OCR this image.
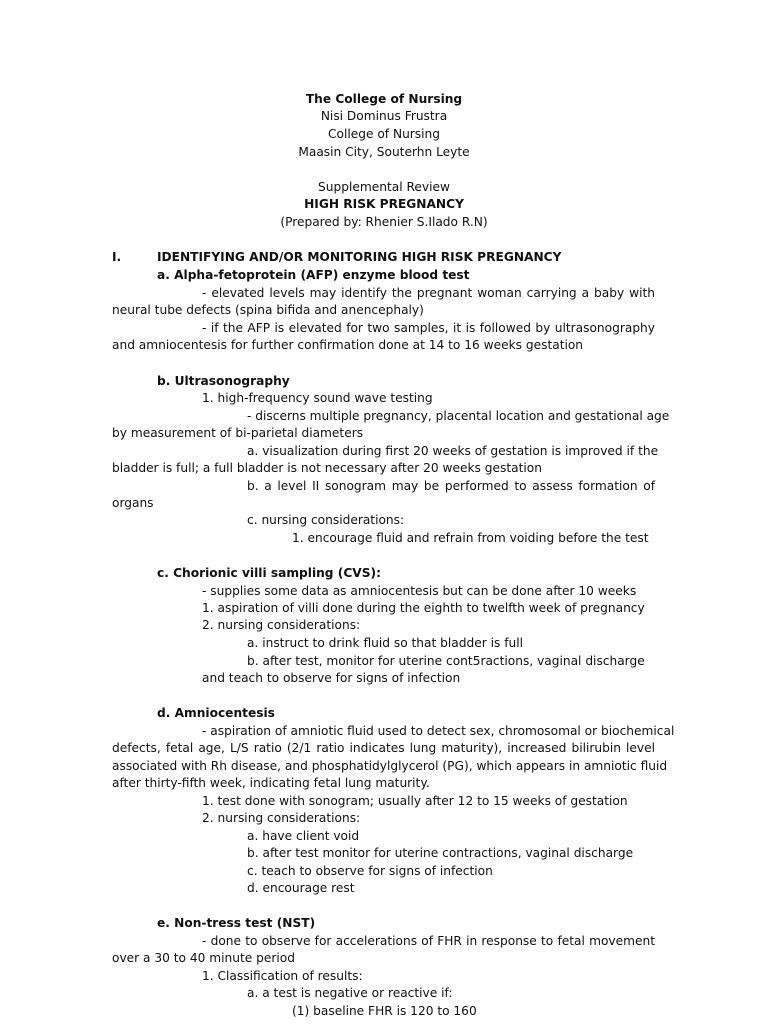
The College of Nursing
Nisi Dominus Frustra
College of Nursing
Maasin City, Souterhn Leyte
Supplemental Review
HIGH RISK PREGNANCY
(Prepared by: Rhenier S.Ilado R.N)
I.	IDENTIFYING AND/OR MONITORING HIGH RISK PREGNANCY
a. Alpha-fetoprotein (AFP) enzyme blood test
- elevated levels may identify the pregnant woman carrying a baby with
neural tube defects (spina bifida and anencephaly)
- if the AFP is elevated for two samples, it is followed by ultrasonography
and amniocentesis for further confirmation done at 14 to 16 weeks gestation
b. Ultrasonography
1. high-frequency sound wave testing
- discerns multiple pregnancy, placental location and gestational age
by measurement of bi-parietal diameters
a. visualization during first 20 weeks of gestation is improved if the
bladder is full; a full bladder is not necessary after 20 weeks gestation
b. a level II sonogram may be performed to assess formation of
organs
c. nursing considerations:
1. encourage fluid and refrain from voiding before the test
c. Chorionic villi sampling (CVS):
- supplies some data as amniocentesis but can be done after 10 weeks
1. aspiration of villi done during the eighth to twelfth week of pregnancy
2. nursing considerations:
a. instruct to drink fluid so that bladder is full
b. after test, monitor for uterine cont5ractions, vaginal discharge
and teach to observe for signs of infection
d. Amniocentesis
- aspiration of amniotic fluid used to detect sex, chromosomal or biochemical
defects, fetal age, L/S ratio (2/1 ratio indicates lung maturity), increased bilirubin level
associated with Rh disease, and phosphatidylglycerol (PG), which appears in amniotic fluid
after thirty-fifth week, indicating fetal lung maturity.
1. test done with sonogram; usually after 12 to 15 weeks of gestation
2. nursing considerations:
a. have client void
b. after test monitor for uterine contractions, vaginal discharge
c. teach to observe for signs of infection
d. encourage rest
e. Non-tress test (NST)
- done to observe for accelerations of FHR in response to fetal movement
over a 30 to 40 minute period
1. Classification of results:
a. a test is negative or reactive if:
(1) baseline FHR is 120 to 160
